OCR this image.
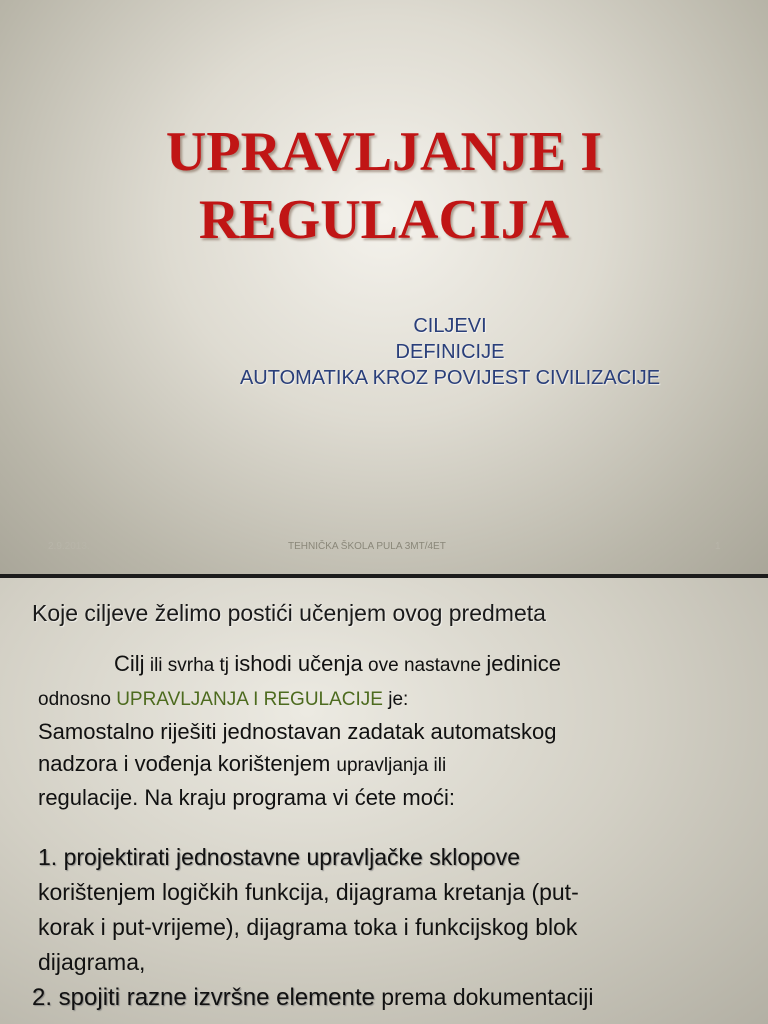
UPRAVLJANJE I
REGULACIJA
CILJEVI
DEFINICIJE
AUTOMATIKA KROZ POVIJEST CIVILIZACIJE
2.9.2013.	TEHNIČKA ŠKOLA PULA 3MT/4ET	1
Koje ciljeve želimo postići učenjem ovog predmeta
Cilj ili svrha tj ishodi učenja ove nastavne jedinice
odnosno UPRAVLJANJA I REGULACIJE je:
Samostalno riješiti jednostavan zadatak automatskog
nadzora i vođenja korištenjem upravljanja ili
regulacije. Na kraju programa vi ćete moći:
1. projektirati jednostavne upravljačke sklopove
korištenjem logičkih funkcija, dijagrama kretanja (put-
korak i put-vrijeme), dijagrama toka i funkcijskog blok
dijagrama,
2. spojiti razne izvršne elemente prema dokumentaciji
